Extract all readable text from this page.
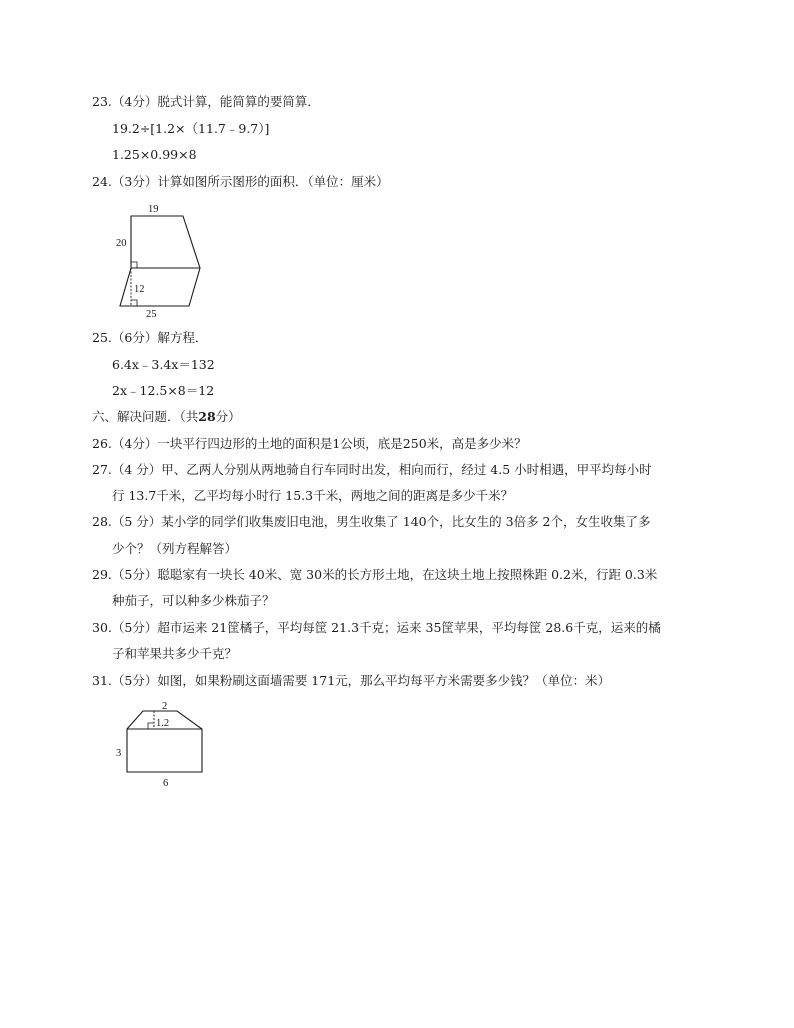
23.（4分）脱式计算，能简算的要简算．
19.2÷[1.2×（11.7﹣9.7）]
1.25×0.99×8
24.（3分）计算如图所示图形的面积．（单位：厘米）
19
20
12
25
25.（6分）解方程．
6.4x﹣3.4x＝132
2x﹣12.5×8＝12
六、解决问题．（共28分）
26.（4分）一块平行四边形的土地的面积是1公顷，底是250米，高是多少米？
27.（4 分）甲、乙两人分别从两地骑自行车同时出发，相向而行，经过 4.5 小时相遇，甲平均每小时
行 13.7千米，乙平均每小时行 15.3千米，两地之间的距离是多少千米？
28.（5 分）某小学的同学们收集废旧电池，男生收集了 140个，比女生的 3倍多 2个，女生收集了多
少个？（列方程解答）
29.（5分）聪聪家有一块长 40米、宽 30米的长方形土地，在这块土地上按照株距 0.2米，行距 0.3米
种茄子，可以种多少株茄子？
30.（5分）超市运来 21筐橘子，平均每筐 21.3千克；运来 35筐苹果，平均每筐 28.6千克，运来的橘
子和苹果共多少千克？
31.（5分）如图，如果粉刷这面墙需要 171元，那么平均每平方米需要多少钱？（单位：米）
2
1.2
3
6
